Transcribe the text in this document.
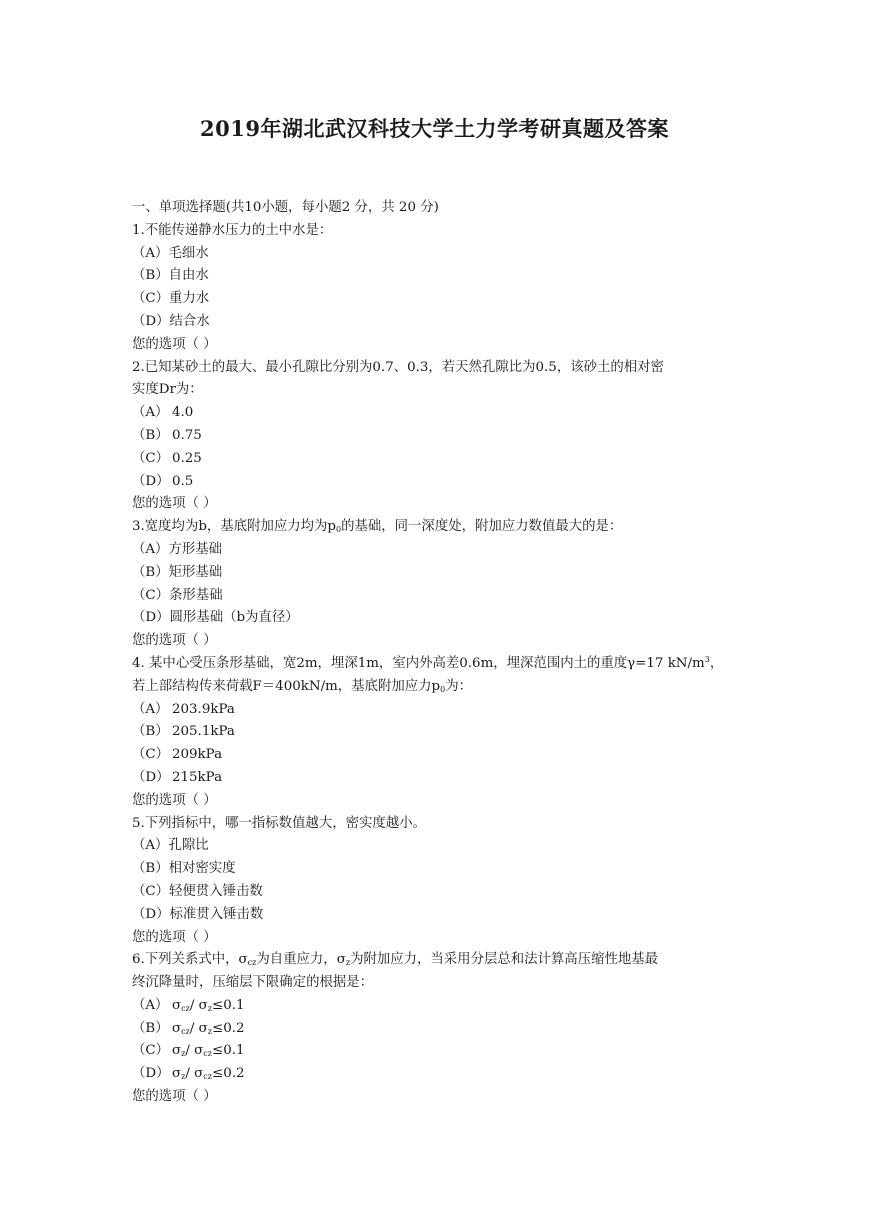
2019年湖北武汉科技大学土力学考研真题及答案
一、单项选择题(共10小题，每小题2 分，共 20 分)
1.不能传递静水压力的土中水是：
（A）毛细水
（B）自由水
（C）重力水
（D）结合水
您的选项（ ）
2.已知某砂土的最大、最小孔隙比分别为0.7、0.3，若天然孔隙比为0.5，该砂土的相对密
实度Dr为：
（A） 4.0
（B） 0.75
（C） 0.25
（D） 0.5
您的选项（ ）
3.宽度均为b，基底附加应力均为$p_0$的基础，同一深度处，附加应力数值最大的是：
（A）方形基础
（B）矩形基础
（C）条形基础
（D）圆形基础（b为直径）
您的选项（ ）
4. 某中心受压条形基础，宽2m，埋深1m，室内外高差0.6m，埋深范围内土的重度γ=17 $kN/m^3$，
若上部结构传来荷载F＝400kN/m，基底附加应力$p_0$为：
（A） 203.9kPa
（B） 205.1kPa
（C） 209kPa
（D） 215kPa
您的选项（ ）
5.下列指标中，哪一指标数值越大，密实度越小。
（A）孔隙比
（B）相对密实度
（C）轻便贯入锤击数
（D）标准贯入锤击数
您的选项（ ）
6.下列关系式中，$\sigma_{cz}$为自重应力，$\sigma_z$为附加应力，当采用分层总和法计算高压缩性地基最
终沉降量时，压缩层下限确定的根据是：
（A） $\sigma_{cz}/$ $\sigma_z\le 0.1$
（B） $\sigma_{cz}/$ $\sigma_z\le 0.2$
（C） $\sigma_z/$ $\sigma_{cz}\le 0.1$
（D） $\sigma_z/$ $\sigma_{cz}\le 0.2$
您的选项（ ）
